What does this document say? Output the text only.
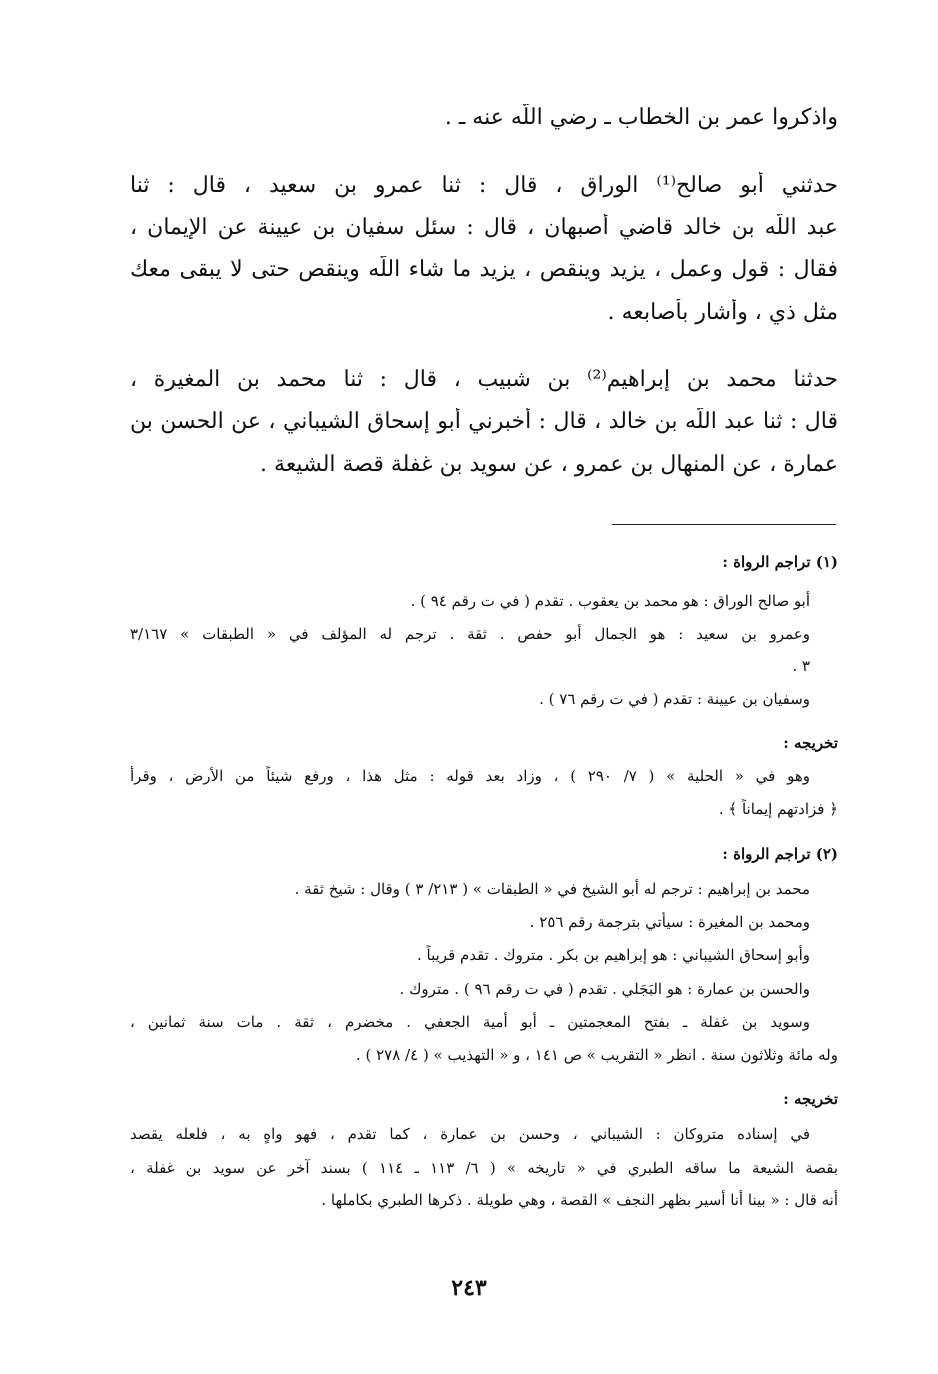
واذكروا عمر بن الخطاب ـ رضي اللّه عنه ـ .
حدثني أبو صالح⁽¹⁾ الوراق ، قال : ثنا عمرو بن سعيد ، قال : ثنا
عبد اللّه بن خالد قاضي أصبهان ، قال : سئل سفيان بن عيينة عن الإيمان ،
فقال : قول وعمل ، يزيد وينقص ، يزيد ما شاء اللّه وينقص حتى لا يبقى معك
مثل ذي ، وأشار بأصابعه .
حدثنا محمد بن إبراهيم⁽²⁾ بن شبيب ، قال : ثنا محمد بن المغيرة ،
قال : ثنا عبد اللّه بن خالد ، قال : أخبرني أبو إسحاق الشيباني ، عن الحسن بن
عمارة ، عن المنهال بن عمرو ، عن سويد بن غفلة قصة الشيعة .
(١) تراجم الرواة :
أبو صالح الوراق : هو محمد بن يعقوب . تقدم ( في ت رقم ٩٤ ) .
وعمرو بن سعيد : هو الجمال أبو حفص . ثقة . ترجم له المؤلف في « الطبقات » ٣/١٦٧
٣ .
وسفيان بن عيينة : تقدم ( في ت رقم ٧٦ ) .
تخريجه :
وهو في « الحلية » ( ٧/ ٢٩٠ ) ، وزاد بعد قوله : مثل هذا ، ورفع شيئاً من الأرض ، وقرأ
﴿ فزادتهم إيماناً ﴾ .
(٢) تراجم الرواة :
محمد بن إبراهيم : ترجم له أبو الشيخ في « الطبقات » ( ٢١٣/ ٣ ) وقال : شيخ ثقة .
ومحمد بن المغيرة : سيأتي بترجمة رقم ٢٥٦ .
وأبو إسحاق الشيباني : هو إبراهيم بن بكر . متروك . تقدم قريباً .
والحسن بن عمارة : هو البَجَلي . تقدم ( في ت رقم ٩٦ ) . متروك .
وسويد بن غفلة ـ بفتح المعجمتين ـ أبو أمية الجعفي . مخضرم ، ثقة . مات سنة ثمانين ،
وله مائة وثلاثون سنة . انظر « التقريب » ص ١٤١ ، و « التهذيب » ( ٤/ ٢٧٨ ) .
تخريجه :
في إسناده متروكان : الشيباني ، وحسن بن عمارة ، كما تقدم ، فهو واهٍ به ، فلعله يقصد
بقصة الشيعة ما ساقه الطبري في « تاريخه » ( ٦/ ١١٣ ـ ١١٤ ) بسند آخر عن سويد بن غفلة ،
أنه قال : « بينا أنا أسير بظهر النجف » القصة ، وهي طويلة . ذكرها الطبري بكاملها .
٢٤٣
